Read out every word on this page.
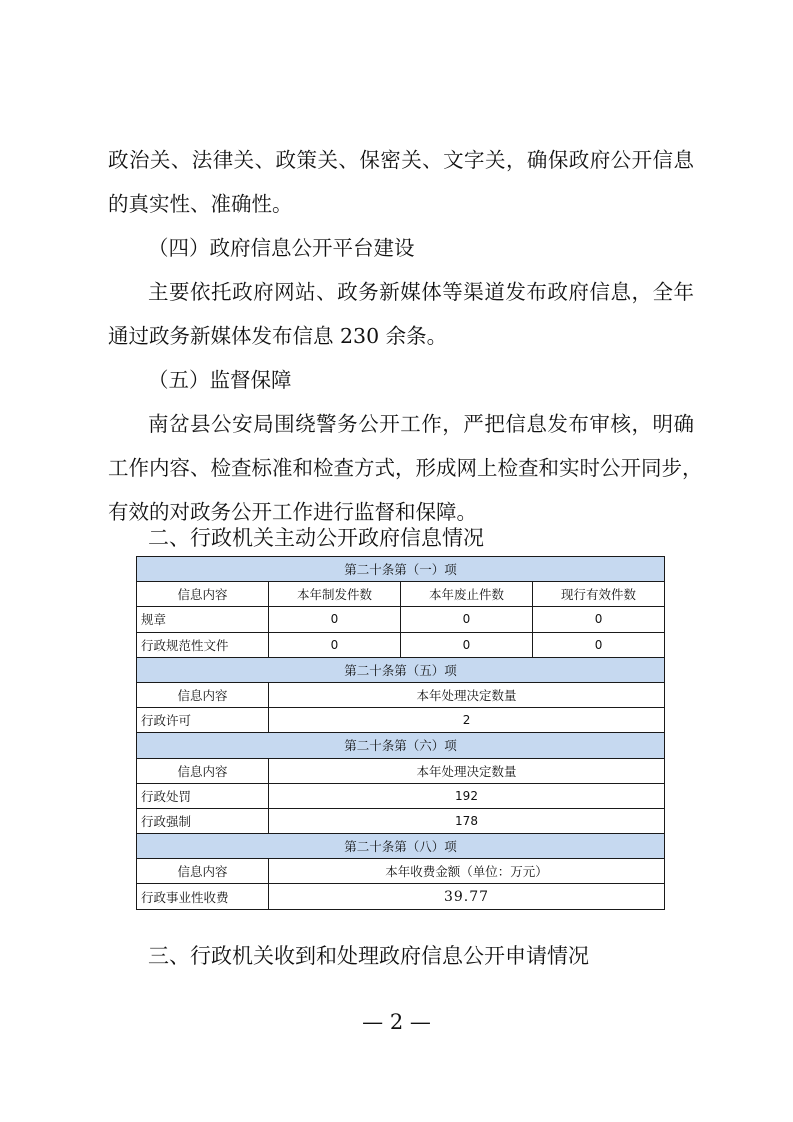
政治关、法律关、政策关、保密关、文字关，确保政府公开信息

的真实性、准确性。

（四）政府信息公开平台建设

主要依托政府网站、政务新媒体等渠道发布政府信息，全年

通过政务新媒体发布信息 230 余条。

（五）监督保障

南岔县公安局围绕警务公开工作，严把信息发布审核，明确

工作内容、检查标准和检查方式，形成网上检查和实时公开同步，

有效的对政务公开工作进行监督和保障。

二、行政机关主动公开政府信息情况

第二十条第（一）项			
信息内容	本年制发件数	本年废止件数	现行有效件数
规章	0	0	0
行政规范性文件	0	0	0
第二十条第（五）项			
信息内容	本年处理决定数量		
行政许可	2		
第二十条第（六）项			
信息内容	本年处理决定数量		
行政处罚	192		
行政强制	178		
第二十条第（八）项			
信息内容	本年收费金额（单位：万元）		
行政事业性收费	39.77		

三、行政机关收到和处理政府信息公开申请情况

— 2 —
